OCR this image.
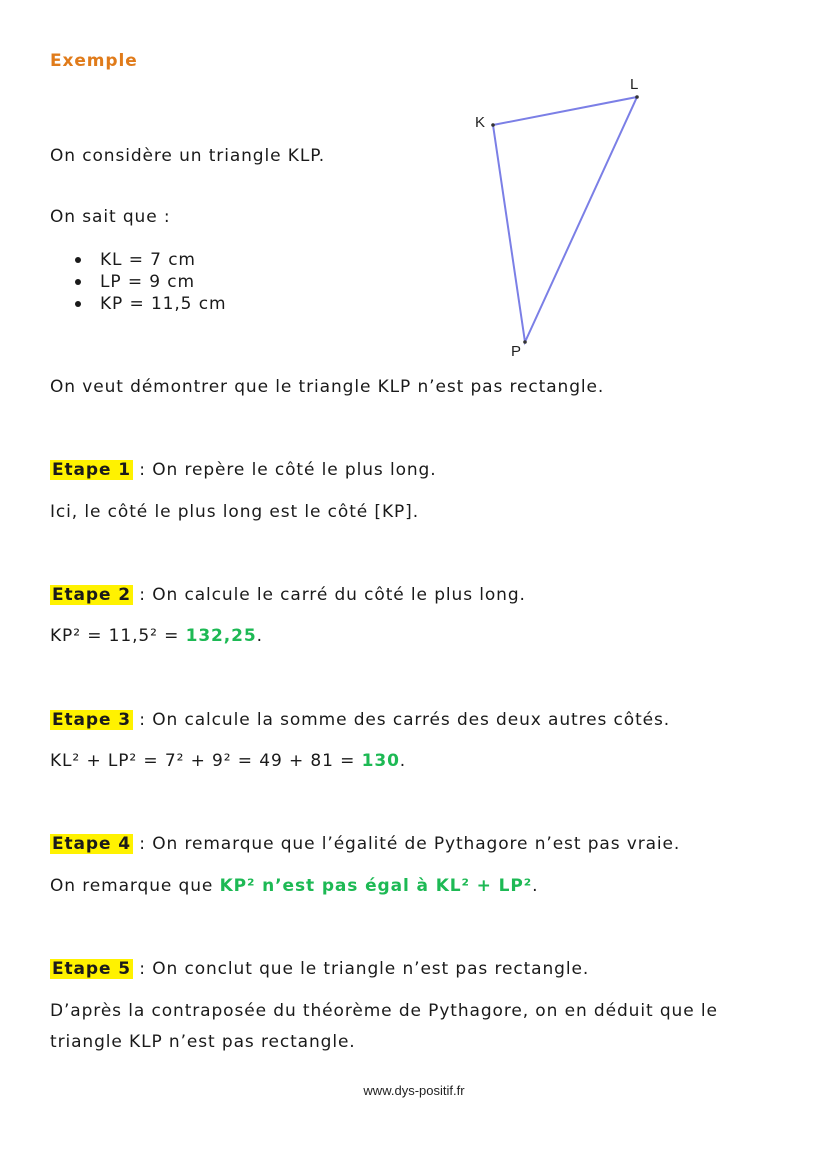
Exemple

On considère un triangle KLP.

On sait que :

KL = 7 cm
LP = 9 cm
KP = 11,5 cm
K
L
P

On veut démontrer que le triangle KLP n’est pas rectangle.

Etape 1 : On repère le côté le plus long.

Ici, le côté le plus long est le côté [KP].

Etape 2 : On calcule le carré du côté le plus long.

KP² = 11,5² = 132,25.

Etape 3 : On calcule la somme des carrés des deux autres côtés.

KL² + LP² = 7² + 9² = 49 + 81 = 130.

Etape 4 : On remarque que l’égalité de Pythagore n’est pas vraie.

On remarque que KP² n’est pas égal à KL² + LP².

Etape 5 : On conclut que le triangle n’est pas rectangle.

D’après la contraposée du théorème de Pythagore, on en déduit que le triangle KLP n’est pas rectangle.

www.dys-positif.fr
